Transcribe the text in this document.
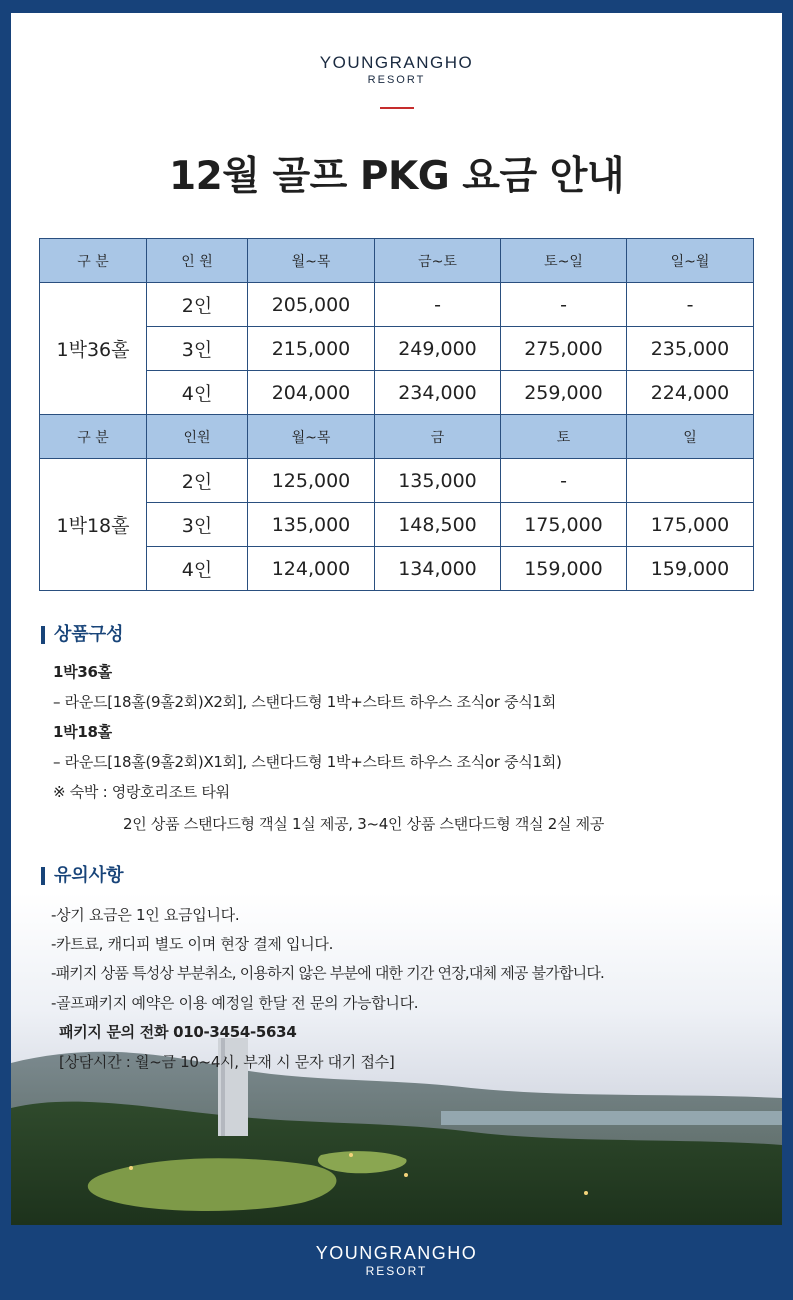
YOUNGRANGHO
RESORT
12월 골프 PKG 요금 안내
구 분	인 원	월~목	금~토	토~일	일~월
1박36홀	2인	205,000	-	-	-
	3인	215,000	249,000	275,000	235,000
	4인	204,000	234,000	259,000	224,000
구 분	인원	월~목	금	토	일
1박18홀	2인	125,000	135,000	-	
	3인	135,000	148,500	175,000	175,000
	4인	124,000	134,000	159,000	159,000
상품구성
1박36홀
– 라운드[18홀(9홀2회)X2회], 스탠다드형 1박+스타트 하우스 조식or 중식1회
1박18홀
– 라운드[18홀(9홀2회)X1회], 스탠다드형 1박+스타트 하우스 조식or 중식1회)
※ 숙박 : 영랑호리조트 타워
2인 상품 스탠다드형 객실 1실 제공, 3~4인 상품 스탠다드형 객실 2실 제공
유의사항
-상기 요금은 1인 요금입니다.
-카트료, 캐디피 별도 이며 현장 결제 입니다.
-패키지 상품 특성상 부분취소, 이용하지 않은 부분에 대한 기간 연장,대체 제공 불가합니다.
-골프패키지 예약은 이용 예정일 한달 전 문의 가능합니다.
패키지 문의 전화 010-3454-5634
[상담시간 : 월~금 10~4시, 부재 시 문자 대기 접수]
YOUNGRANGHO
RESORT
